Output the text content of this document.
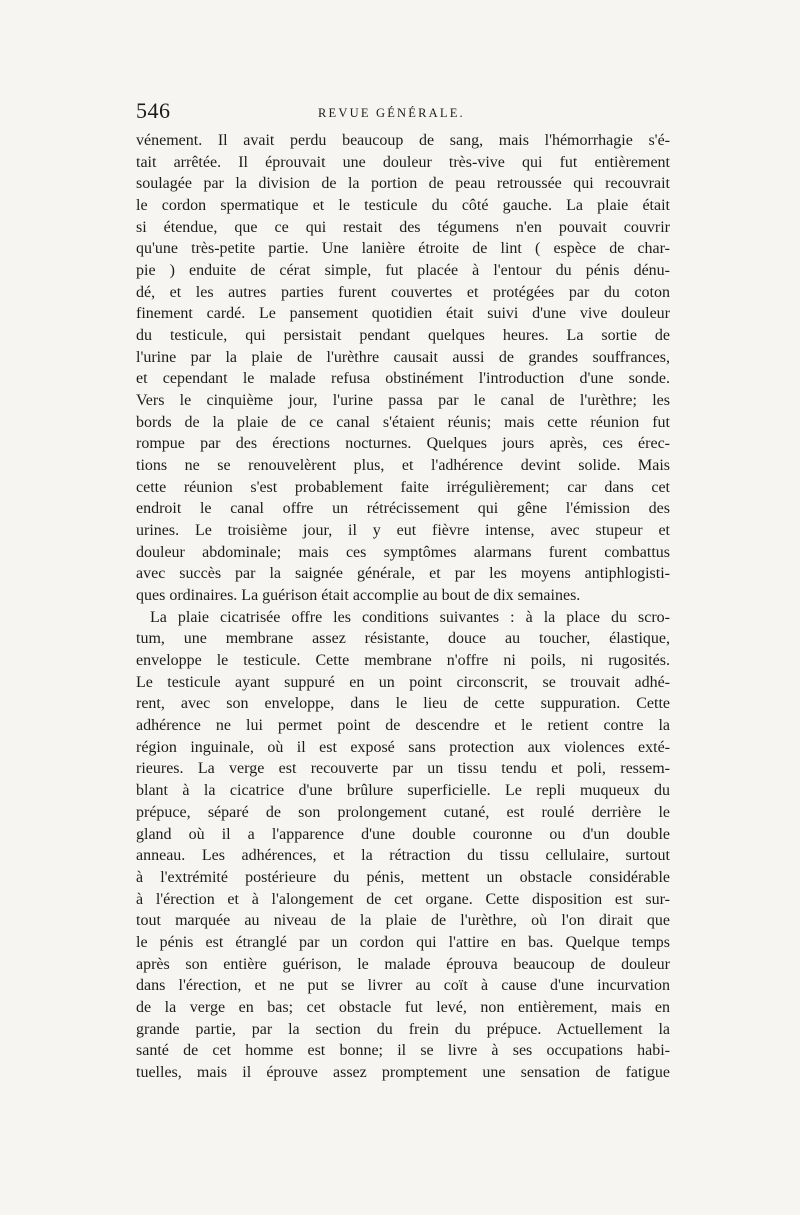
546	REVUE GÉNÉRALE.
vénement. Il avait perdu beaucoup de sang, mais l'hémorrhagie s'é-
tait arrêtée. Il éprouvait une douleur très-vive qui fut entièrement
soulagée par la division de la portion de peau retroussée qui recouvrait
le cordon spermatique et le testicule du côté gauche. La plaie était
si étendue, que ce qui restait des tégumens n'en pouvait couvrir
qu'une très-petite partie. Une lanière étroite de lint ( espèce de char-
pie ) enduite de cérat simple, fut placée à l'entour du pénis dénu-
dé, et les autres parties furent couvertes et protégées par du coton
finement cardé. Le pansement quotidien était suivi d'une vive douleur
du testicule, qui persistait pendant quelques heures. La sortie de
l'urine par la plaie de l'urèthre causait aussi de grandes souffrances,
et cependant le malade refusa obstinément l'introduction d'une sonde.
Vers le cinquième jour, l'urine passa par le canal de l'urèthre; les
bords de la plaie de ce canal s'étaient réunis; mais cette réunion fut
rompue par des érections nocturnes. Quelques jours après, ces érec-
tions ne se renouvelèrent plus, et l'adhérence devint solide. Mais
cette réunion s'est probablement faite irrégulièrement; car dans cet
endroit le canal offre un rétrécissement qui gêne l'émission des
urines. Le troisième jour, il y eut fièvre intense, avec stupeur et
douleur abdominale; mais ces symptômes alarmans furent combattus
avec succès par la saignée générale, et par les moyens antiphlogisti-
ques ordinaires. La guérison était accomplie au bout de dix semaines.
La plaie cicatrisée offre les conditions suivantes : à la place du scro-
tum, une membrane assez résistante, douce au toucher, élastique,
enveloppe le testicule. Cette membrane n'offre ni poils, ni rugosités.
Le testicule ayant suppuré en un point circonscrit, se trouvait adhé-
rent, avec son enveloppe, dans le lieu de cette suppuration. Cette
adhérence ne lui permet point de descendre et le retient contre la
région inguinale, où il est exposé sans protection aux violences exté-
rieures. La verge est recouverte par un tissu tendu et poli, ressem-
blant à la cicatrice d'une brûlure superficielle. Le repli muqueux du
prépuce, séparé de son prolongement cutané, est roulé derrière le
gland où il a l'apparence d'une double couronne ou d'un double
anneau. Les adhérences, et la rétraction du tissu cellulaire, surtout
à l'extrémité postérieure du pénis, mettent un obstacle considérable
à l'érection et à l'alongement de cet organe. Cette disposition est sur-
tout marquée au niveau de la plaie de l'urèthre, où l'on dirait que
le pénis est étranglé par un cordon qui l'attire en bas. Quelque temps
après son entière guérison, le malade éprouva beaucoup de douleur
dans l'érection, et ne put se livrer au coït à cause d'une incurvation
de la verge en bas; cet obstacle fut levé, non entièrement, mais en
grande partie, par la section du frein du prépuce. Actuellement la
santé de cet homme est bonne; il se livre à ses occupations habi-
tuelles, mais il éprouve assez promptement une sensation de fatigue
